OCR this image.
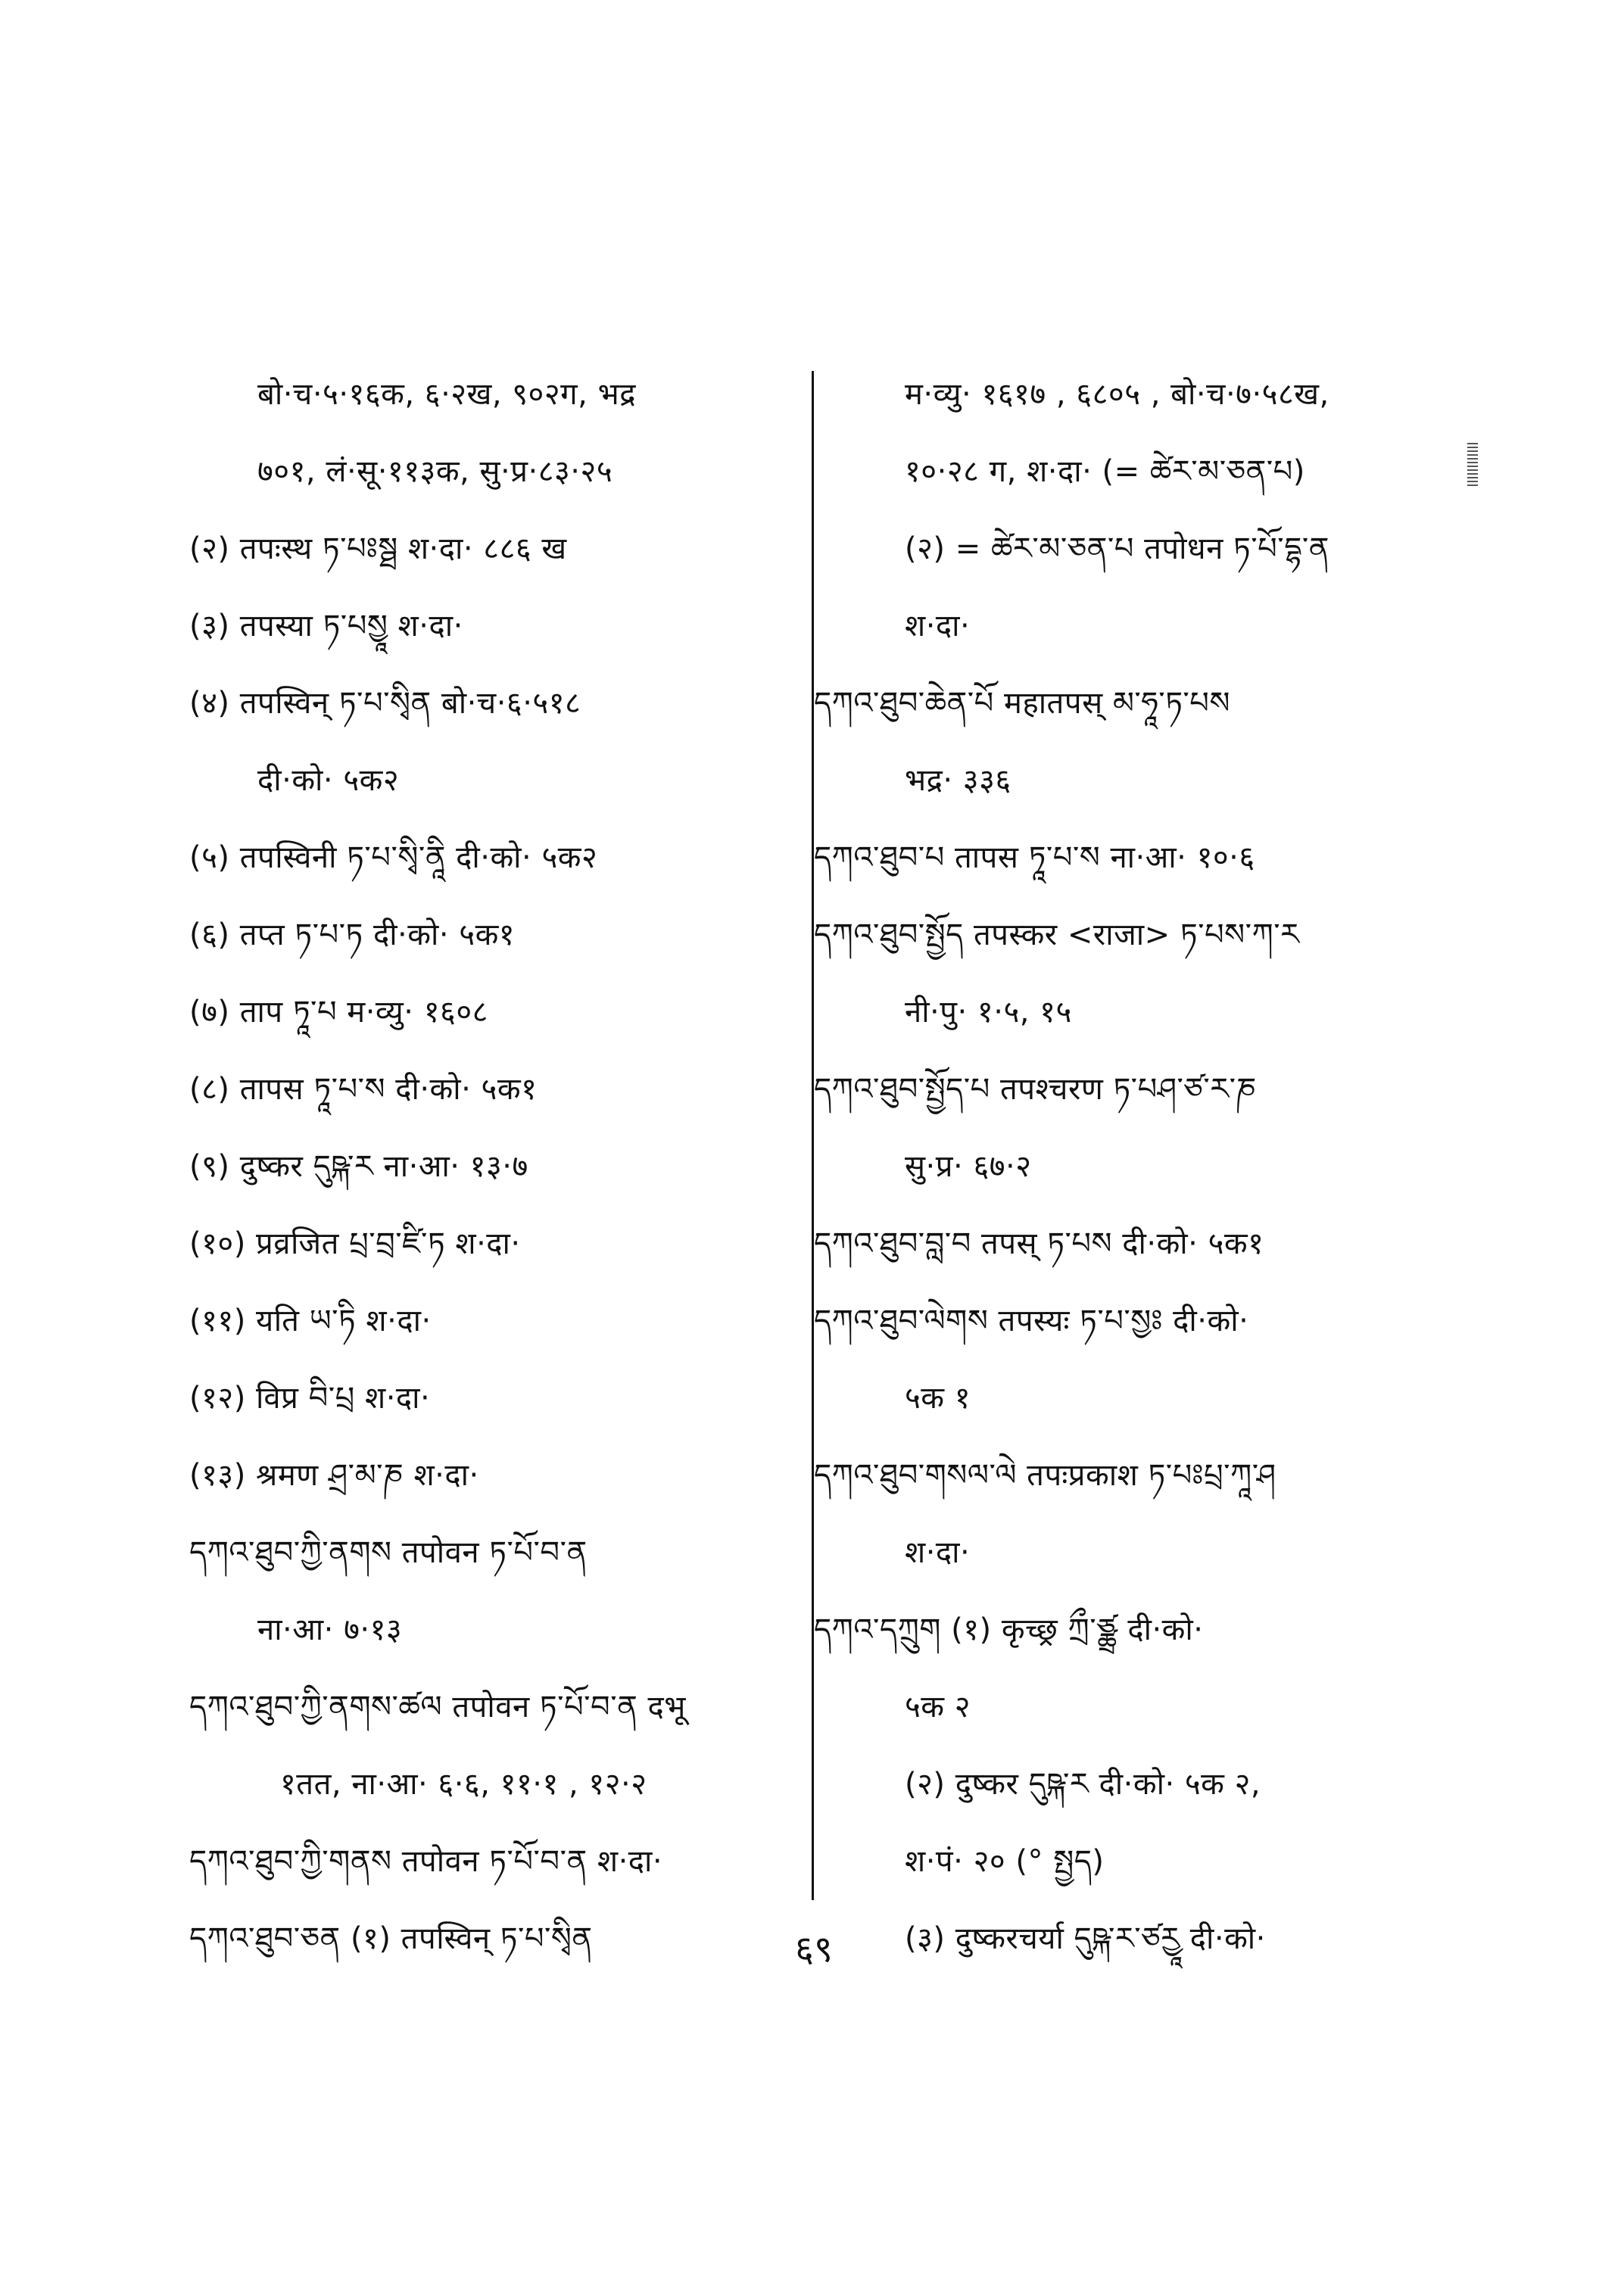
बो·च·५·१६क, ६·२ख, ९०२ग, भद्र
७०१, लं·सू·११३क, सु·प्र·८३·२५
(२) तपःस्थ ཏ་པཿསྠ श·दा· ८८६ ख
(३) तपस्या ཏ་པསྱཱ श·दा·
(४) तपस्विन् ཏ་པ་སྭིན बो·च·६·५१८
दी·को· ५क२
(५) तपस्विनी ཏ་པ་སྭི་ནཱི दी·को· ५क२
(६) तप्त ཏ་པ་ཏ दी·को· ५क१
(७) ताप ཏཱ་པ म·व्यु· १६०८
(८) तापस ཏཱ་པ་ས दी·को· ५क१
(९) दुष्कर དུཥྐ་ར ना·आ· १३·७
(१०) प्रव्रजित པྲ་བྲ་ཛི་ཏ श·दा·
(११) यति ཡ་ཏི श·दा·
(१२) विप्र བི་པྲ श·दा·
(१३) श्रमण ཤྲ་མ་ཎ श·दा·
དཀའ་ཐུབ་ཀྱི་ནགས तपोवन ཏ་པོ་བ་ན
ना·आ· ७·१३
དཀའ་ཐུབ་ཀྱི་ནགས་ཚལ तपोवन ཏ་པོ་བ་ན दभू
१तत, ना·आ· ६·६, ११·१ , १२·२
དཀའ་ཐུབ་ཀྱི་གནས तपोवन ཏ་པོ་བ་ན श·दा·
དཀའ་ཐུབ་ཅན (१) तपस्विन् ཏ་པ་སྭིན
म·व्यु· १६१७ , ६८०५ , बो·च·७·५८ख,
१०·२८ ग, श·दा· (= ཚེར་མ་ཅན་པ)
(२) = ཚེར་མ་ཅན་པ तपोधन ཏ་པོ་དྷ་ན
श·दा·
དཀའ་ཐུབ་ཆེན་པོ महातपस् མ་ཧཱ་ཏ་པས
भद्र· ३३६
དཀའ་ཐུབ་པ तापस ཏཱ་པ་ས ना·आ· १०·६
དཀའ་ཐུབ་སྤྱོད तपस्कर <राजा> ཏ་པས་ཀ་ར
नी·पु· १·५, १५
དཀའ་ཐུབ་སྤྱོད་པ तपश्चरण ཏ་པཤ་ཙ་ར་ཎ
सु·प्र· ६७·२
དཀའ་ཐུབ་བླ་བ तपस् ཏ་པས दी·को· ५क१
དཀའ་ཐུབ་ལེགས तपस्यः ཏ་པ་སྱཿ दी·को·
५क १
དཀའ་ཐུབ་གསལ་ལེ तपःप्रकाश ཏ་པཿཔྲ་ཀཱ་ཤ
श·दा·
དཀའ་དཀྲུག (१) कृच्छ्र ཀྲྀ་ཙྪྲ दी·को·
५क २
(२) दुष्कर དུཥྐ་ར दी·को· ५क २,
श·पं· २० (° སྤྱད)
(३) दुष्करचर्या དུཥྐ་ར་ཙརྱཱ दी·को·
६९
